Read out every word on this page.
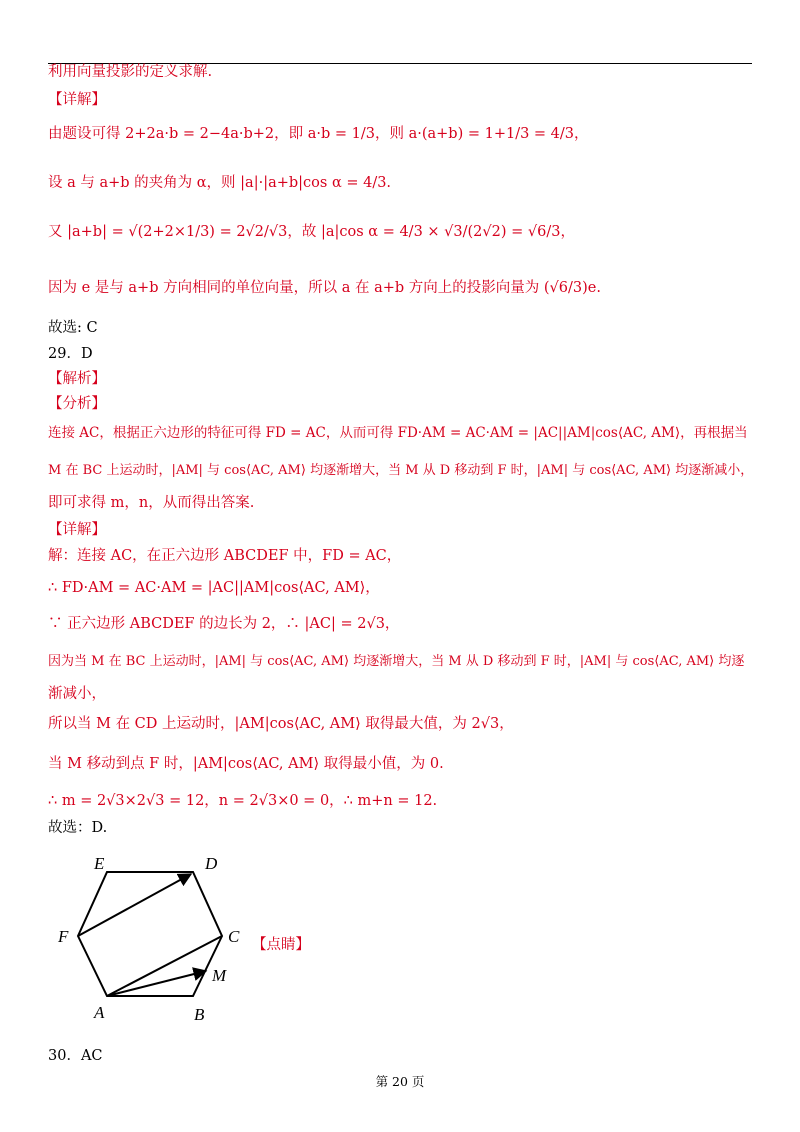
利用向量投影的定义求解.
【详解】
由题设可得 2+2a·b = 2−4a·b+2，即 a·b = 1/3，则 a·(a+b) = 1+1/3 = 4/3，
设 a 与 a+b 的夹角为 α，则 |a|·|a+b|cos α = 4/3.
又 |a+b| = √(2+2×1/3) = 2√2/√3，故 |a|cos α = 4/3 × √3/(2√2) = √6/3，
因为 e 是与 a+b 方向相同的单位向量，所以 a 在 a+b 方向上的投影向量为 (√6/3)e.
故选: C
29．D
【解析】
【分析】
连接 AC，根据正六边形的特征可得 FD = AC，从而可得 FD·AM = AC·AM = |AC||AM|cos⟨AC, AM⟩，再根据当
M 在 BC 上运动时，|AM| 与 cos⟨AC, AM⟩ 均逐渐增大，当 M 从 D 移动到 F 时，|AM| 与 cos⟨AC, AM⟩ 均逐渐减小，
即可求得 m，n，从而得出答案.
【详解】
解：连接 AC，在正六边形 ABCDEF 中，FD = AC，
∴ FD·AM = AC·AM = |AC||AM|cos⟨AC, AM⟩，
∵ 正六边形 ABCDEF 的边长为 2，∴ |AC| = 2√3，
因为当 M 在 BC 上运动时，|AM| 与 cos⟨AC, AM⟩ 均逐渐增大，当 M 从 D 移动到 F 时，|AM| 与 cos⟨AC, AM⟩ 均逐
渐减小，
所以当 M 在 CD 上运动时，|AM|cos⟨AC, AM⟩ 取得最大值，为 2√3，
当 M 移动到点 F 时，|AM|cos⟨AC, AM⟩ 取得最小值，为 0.
∴ m = 2√3×2√3 = 12，n = 2√3×0 = 0，∴ m+n = 12.
故选：D.
30．AC
E	D
F	C
M
A	B
【点睛】
第 20 页
